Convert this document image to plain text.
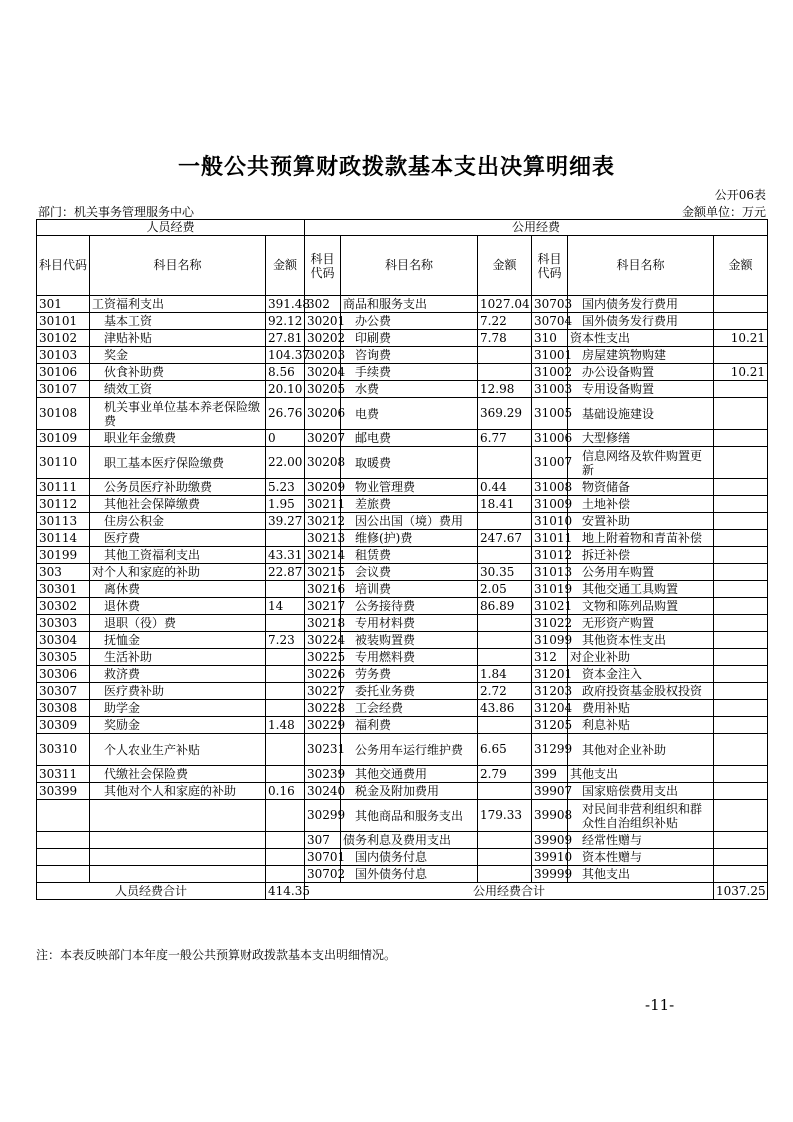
一般公共预算财政拨款基本支出决算明细表
公开06表
部门：机关事务管理服务中心	金额单位：万元
人员经费			公用经费					
科目代码	科目名称	金额	科目代码	科目名称	金额	科目代码	科目名称	金额
301	工资福利支出	391.48	302	商品和服务支出	1027.04	30703	国内债务发行费用	
30101	基本工资	92.12	30201	办公费	7.22	30704	国外债务发行费用	
30102	津贴补贴	27.81	30202	印刷费	7.78	310	资本性支出	10.21
30103	奖金	104.37	30203	咨询费		31001	房屋建筑物购建	
30106	伙食补助费	8.56	30204	手续费		31002	办公设备购置	10.21
30107	绩效工资	20.10	30205	水费	12.98	31003	专用设备购置	
30108	机关事业单位基本养老保险缴费	26.76	30206	电费	369.29	31005	基础设施建设	
30109	职业年金缴费	0	30207	邮电费	6.77	31006	大型修缮	
30110	职工基本医疗保险缴费	22.00	30208	取暖费		31007	信息网络及软件购置更新	
30111	公务员医疗补助缴费	5.23	30209	物业管理费	0.44	31008	物资储备	
30112	其他社会保障缴费	1.95	30211	差旅费	18.41	31009	土地补偿	
30113	住房公积金	39.27	30212	因公出国（境）费用		31010	安置补助	
30114	医疗费		30213	维修(护)费	247.67	31011	地上附着物和青苗补偿	
30199	其他工资福利支出	43.31	30214	租赁费		31012	拆迁补偿	
303	对个人和家庭的补助	22.87	30215	会议费	30.35	31013	公务用车购置	
30301	离休费		30216	培训费	2.05	31019	其他交通工具购置	
30302	退休费	14	30217	公务接待费	86.89	31021	文物和陈列品购置	
30303	退职（役）费		30218	专用材料费		31022	无形资产购置	
30304	抚恤金	7.23	30224	被装购置费		31099	其他资本性支出	
30305	生活补助		30225	专用燃料费		312	对企业补助	
30306	救济费		30226	劳务费	1.84	31201	资本金注入	
30307	医疗费补助		30227	委托业务费	2.72	31203	政府投资基金股权投资	
30308	助学金		30228	工会经费	43.86	31204	费用补贴	
30309	奖励金	1.48	30229	福利费		31205	利息补贴	
30310	个人农业生产补贴		30231	公务用车运行维护费	6.65	31299	其他对企业补助	
30311	代缴社会保险费		30239	其他交通费用	2.79	399	其他支出	
30399	其他对个人和家庭的补助	0.16	30240	税金及附加费用		39907	国家赔偿费用支出	
			30299	其他商品和服务支出	179.33	39908	对民间非营利组织和群众性自治组织补贴	
			307	债务利息及费用支出		39909	经常性赠与	
			30701	国内债务付息		39910	资本性赠与	
			30702	国外债务付息		39999	其他支出	
人员经费合计		414.35	公用经费合计					1037.25
注：本表反映部门本年度一般公共预算财政拨款基本支出明细情况。
-11-
